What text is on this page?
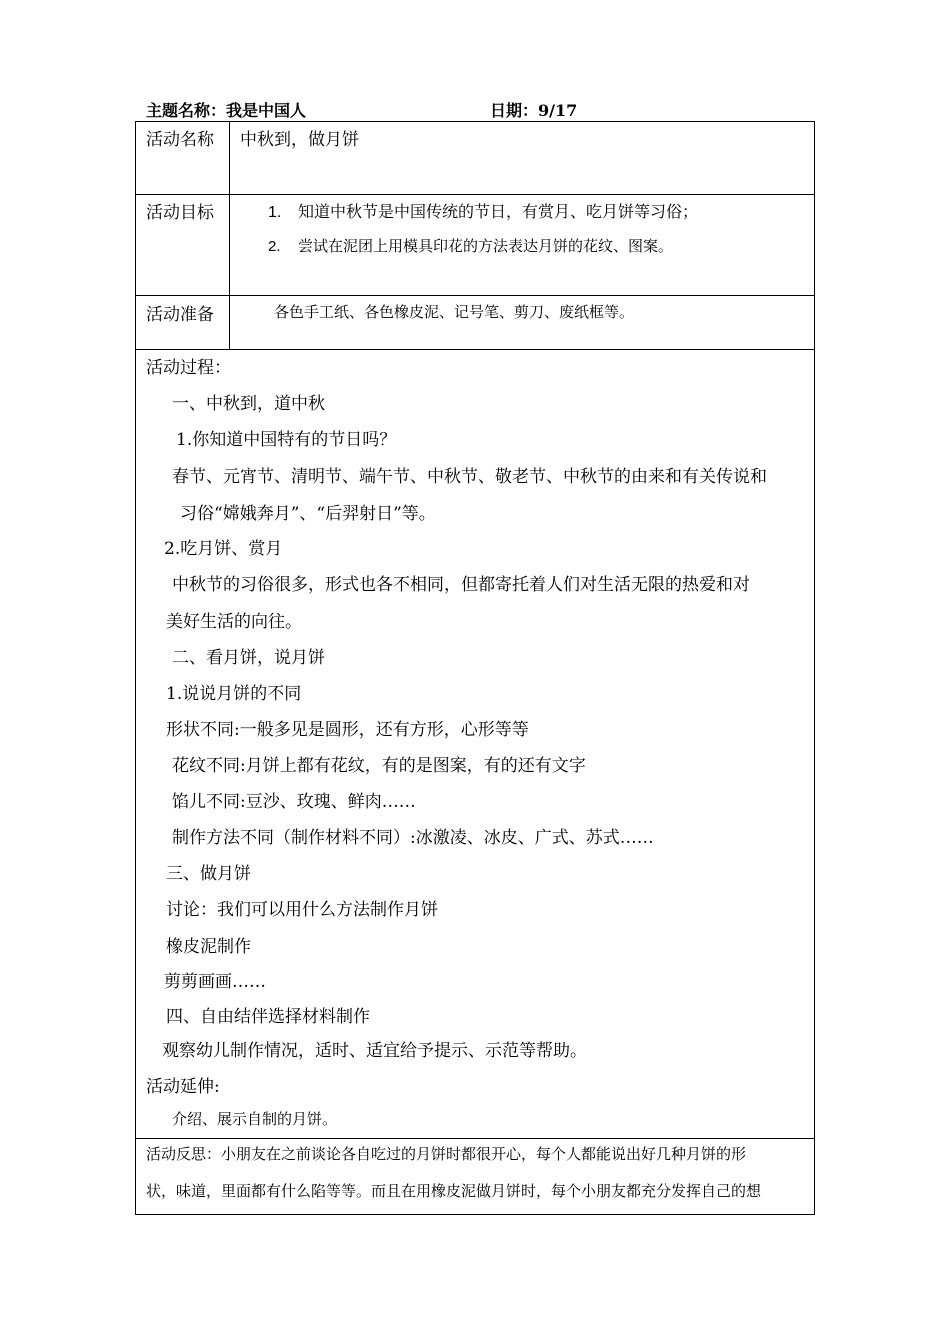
主题名称：我是中国人	日期：9/17
活动名称 中秋到，做月饼
活动目标	1. 知道中秋节是中国传统的节日，有赏月、吃月饼等习俗；
2. 尝试在泥团上用模具印花的方法表达月饼的花纹、图案。
活动准备	各色手工纸、各色橡皮泥、记号笔、剪刀、废纸框等。
活动过程：
一、中秋到，道中秋
1.你知道中国特有的节日吗？
春节、元宵节、清明节、端午节、中秋节、敬老节、中秋节的由来和有关传说和
习俗“嫦娥奔月”、“后羿射日”等。
2.吃月饼、赏月
中秋节的习俗很多，形式也各不相同，但都寄托着人们对生活无限的热爱和对
美好生活的向往。
二、看月饼，说月饼
1.说说月饼的不同
形状不同:一般多见是圆形，还有方形，心形等等
花纹不同:月饼上都有花纹，有的是图案，有的还有文字
馅儿不同:豆沙、玫瑰、鲜肉……
制作方法不同（制作材料不同）:冰激凌、冰皮、广式、苏式……
三、做月饼
讨论：我们可以用什么方法制作月饼
橡皮泥制作
剪剪画画……
四、自由结伴选择材料制作
观察幼儿制作情况，适时、适宜给予提示、示范等帮助。
活动延伸:
介绍、展示自制的月饼。
活动反思：小朋友在之前谈论各自吃过的月饼时都很开心，每个人都能说出好几种月饼的形
状，味道，里面都有什么陷等等。而且在用橡皮泥做月饼时，每个小朋友都充分发挥自己的想
